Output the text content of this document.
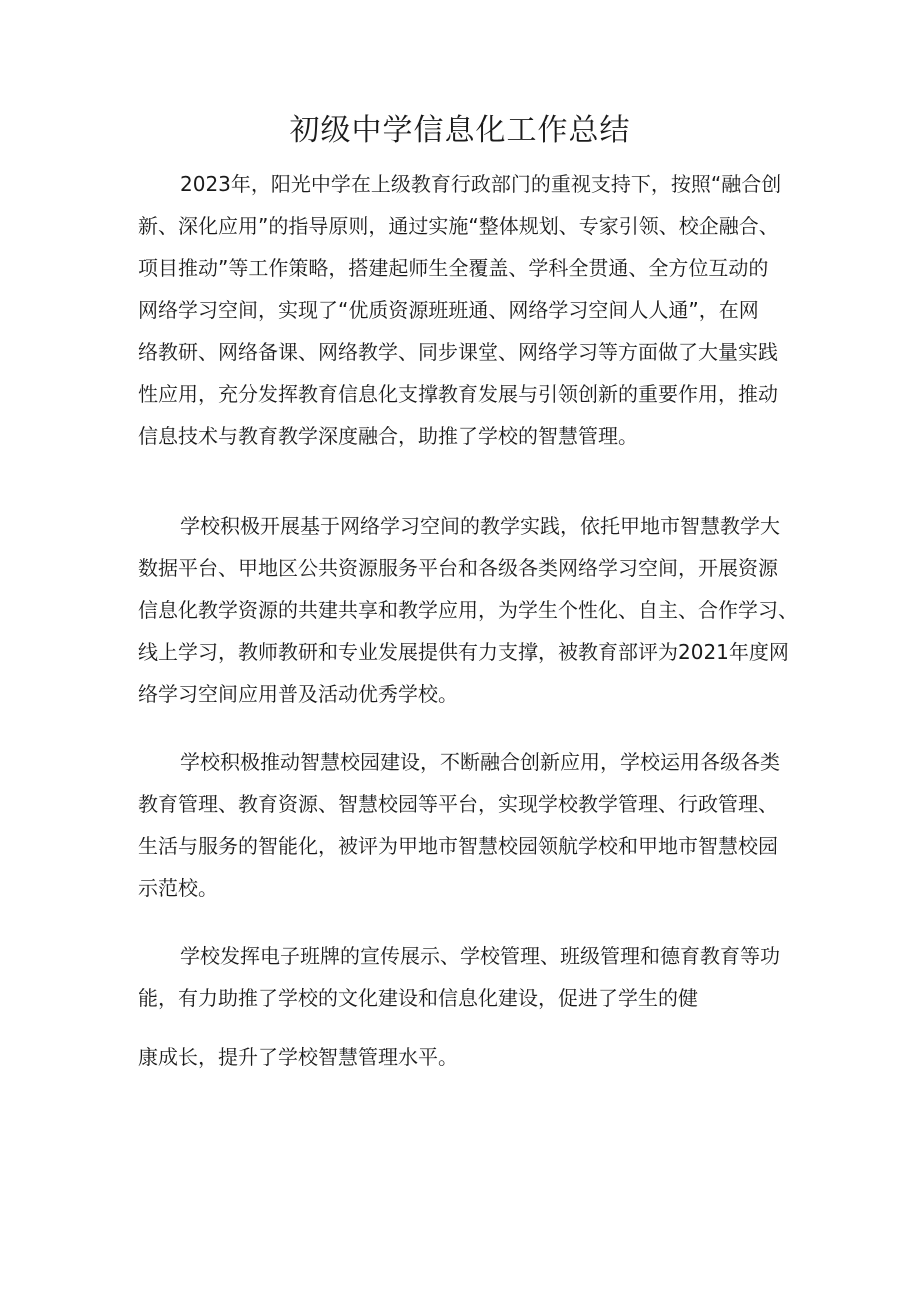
初级中学信息化工作总结

2023年，阳光中学在上级教育行政部门的重视支持下，按照“融合创
新、深化应用”的指导原则，通过实施“整体规划、专家引领、校企融合、
项目推动”等工作策略，搭建起师生全覆盖、学科全贯通、全方位互动的
网络学习空间，实现了“优质资源班班通、网络学习空间人人通”，在网
络教研、网络备课、网络教学、同步课堂、网络学习等方面做了大量实践
性应用，充分发挥教育信息化支撑教育发展与引领创新的重要作用，推动
信息技术与教育教学深度融合，助推了学校的智慧管理。

学校积极开展基于网络学习空间的教学实践，依托甲地市智慧教学大
数据平台、甲地区公共资源服务平台和各级各类网络学习空间，开展资源
信息化教学资源的共建共享和教学应用，为学生个性化、自主、合作学习、
线上学习，教师教研和专业发展提供有力支撑，被教育部评为2021年度网
络学习空间应用普及活动优秀学校。

学校积极推动智慧校园建设，不断融合创新应用，学校运用各级各类
教育管理、教育资源、智慧校园等平台，实现学校教学管理、行政管理、
生活与服务的智能化，被评为甲地市智慧校园领航学校和甲地市智慧校园
示范校。

学校发挥电子班牌的宣传展示、学校管理、班级管理和德育教育等功
能，有力助推了学校的文化建设和信息化建设，促进了学生的健

康成长，提升了学校智慧管理水平。
